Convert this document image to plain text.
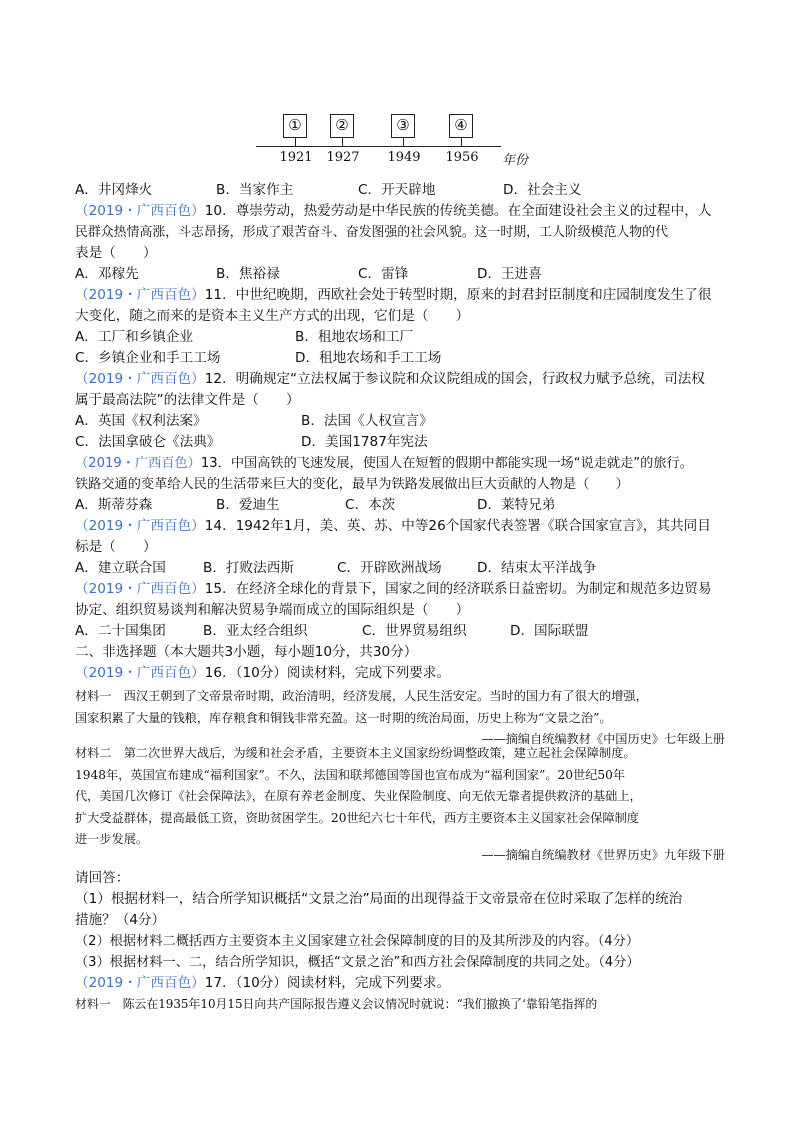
①	②	③	④
1921 1927 1949 1956 年份
A．井冈烽火	B．当家作主	C．开天辟地	D．社会主义
（2019・广西百色）10．尊崇劳动，热爱劳动是中华民族的传统美德。在全面建设社会主义的过程中，人
民群众热情高涨，斗志昂扬，形成了艰苦奋斗、奋发图强的社会风貌。这一时期，工人阶级模范人物的代
表是（　　）
A．邓稼先	B．焦裕禄	C．雷锋	D．王进喜
（2019・广西百色）11．中世纪晚期，西欧社会处于转型时期，原来的封君封臣制度和庄园制度发生了很
大变化，随之而来的是资本主义生产方式的出现，它们是（　　）
A．工厂和乡镇企业	B．租地农场和工厂
C．乡镇企业和手工工场	D．租地农场和手工工场
（2019・广西百色）12．明确规定“立法权属于参议院和众议院组成的国会，行政权力赋予总统，司法权
属于最高法院”的法律文件是（　　）
A．英国《权利法案》	B．法国《人权宣言》
C．法国拿破仑《法典》	D．美国1787年宪法
（2019・广西百色）13．中国高铁的飞速发展，使国人在短暂的假期中都能实现一场“说走就走”的旅行。
铁路交通的变革给人民的生活带来巨大的变化，最早为铁路发展做出巨大贡献的人物是（　　）
A．斯蒂芬森	B．爱迪生	C．本茨	D．莱特兄弟
（2019・广西百色）14．1942年1月，美、英、苏、中等26个国家代表签署《联合国家宣言》，其共同目
标是（　　）
A．建立联合国	B．打败法西斯	C．开辟欧洲战场	D．结束太平洋战争
（2019・广西百色）15．在经济全球化的背景下，国家之间的经济联系日益密切。为制定和规范多边贸易
协定、组织贸易谈判和解决贸易争端而成立的国际组织是（　　）
A．二十国集团	B．亚太经合组织	C．世界贸易组织	D．国际联盟
二、非选择题（本大题共3小题，每小题10分，共30分）
（2019・广西百色）16．（10分）阅读材料，完成下列要求。
材料一　西汉王朝到了文帝景帝时期，政治清明，经济发展，人民生活安定。当时的国力有了很大的增强，
国家积累了大量的钱粮，库存粮食和铜钱非常充盈。这一时期的统治局面，历史上称为“文景之治”。
——摘编自统编教材《中国历史》七年级上册
材料二　第二次世界大战后，为缓和社会矛盾，主要资本主义国家纷纷调整政策，建立起社会保障制度。
1948年，英国宣布建成“福利国家”。不久，法国和联邦德国等国也宣布成为“福利国家”。20世纪50年
代，美国几次修订《社会保障法》，在原有养老金制度、失业保险制度、向无依无靠者提供救济的基础上，
扩大受益群体，提高最低工资，资助贫困学生。20世纪六七十年代，西方主要资本主义国家社会保障制度
进一步发展。
——摘编自统编教材《世界历史》九年级下册
请回答：
（1）根据材料一，结合所学知识概括“文景之治”局面的出现得益于文帝景帝在位时采取了怎样的统治
措施？（4分）
（2）根据材料二概括西方主要资本主义国家建立社会保障制度的目的及其所涉及的内容。（4分）
（3）根据材料一、二，结合所学知识，概括“文景之治”和西方社会保障制度的共同之处。（4分）
（2019・广西百色）17．（10分）阅读材料，完成下列要求。
材料一　陈云在1935年10月15日向共产国际报告遵义会议情况时就说：“我们撤换了‘靠铅笔指挥的
